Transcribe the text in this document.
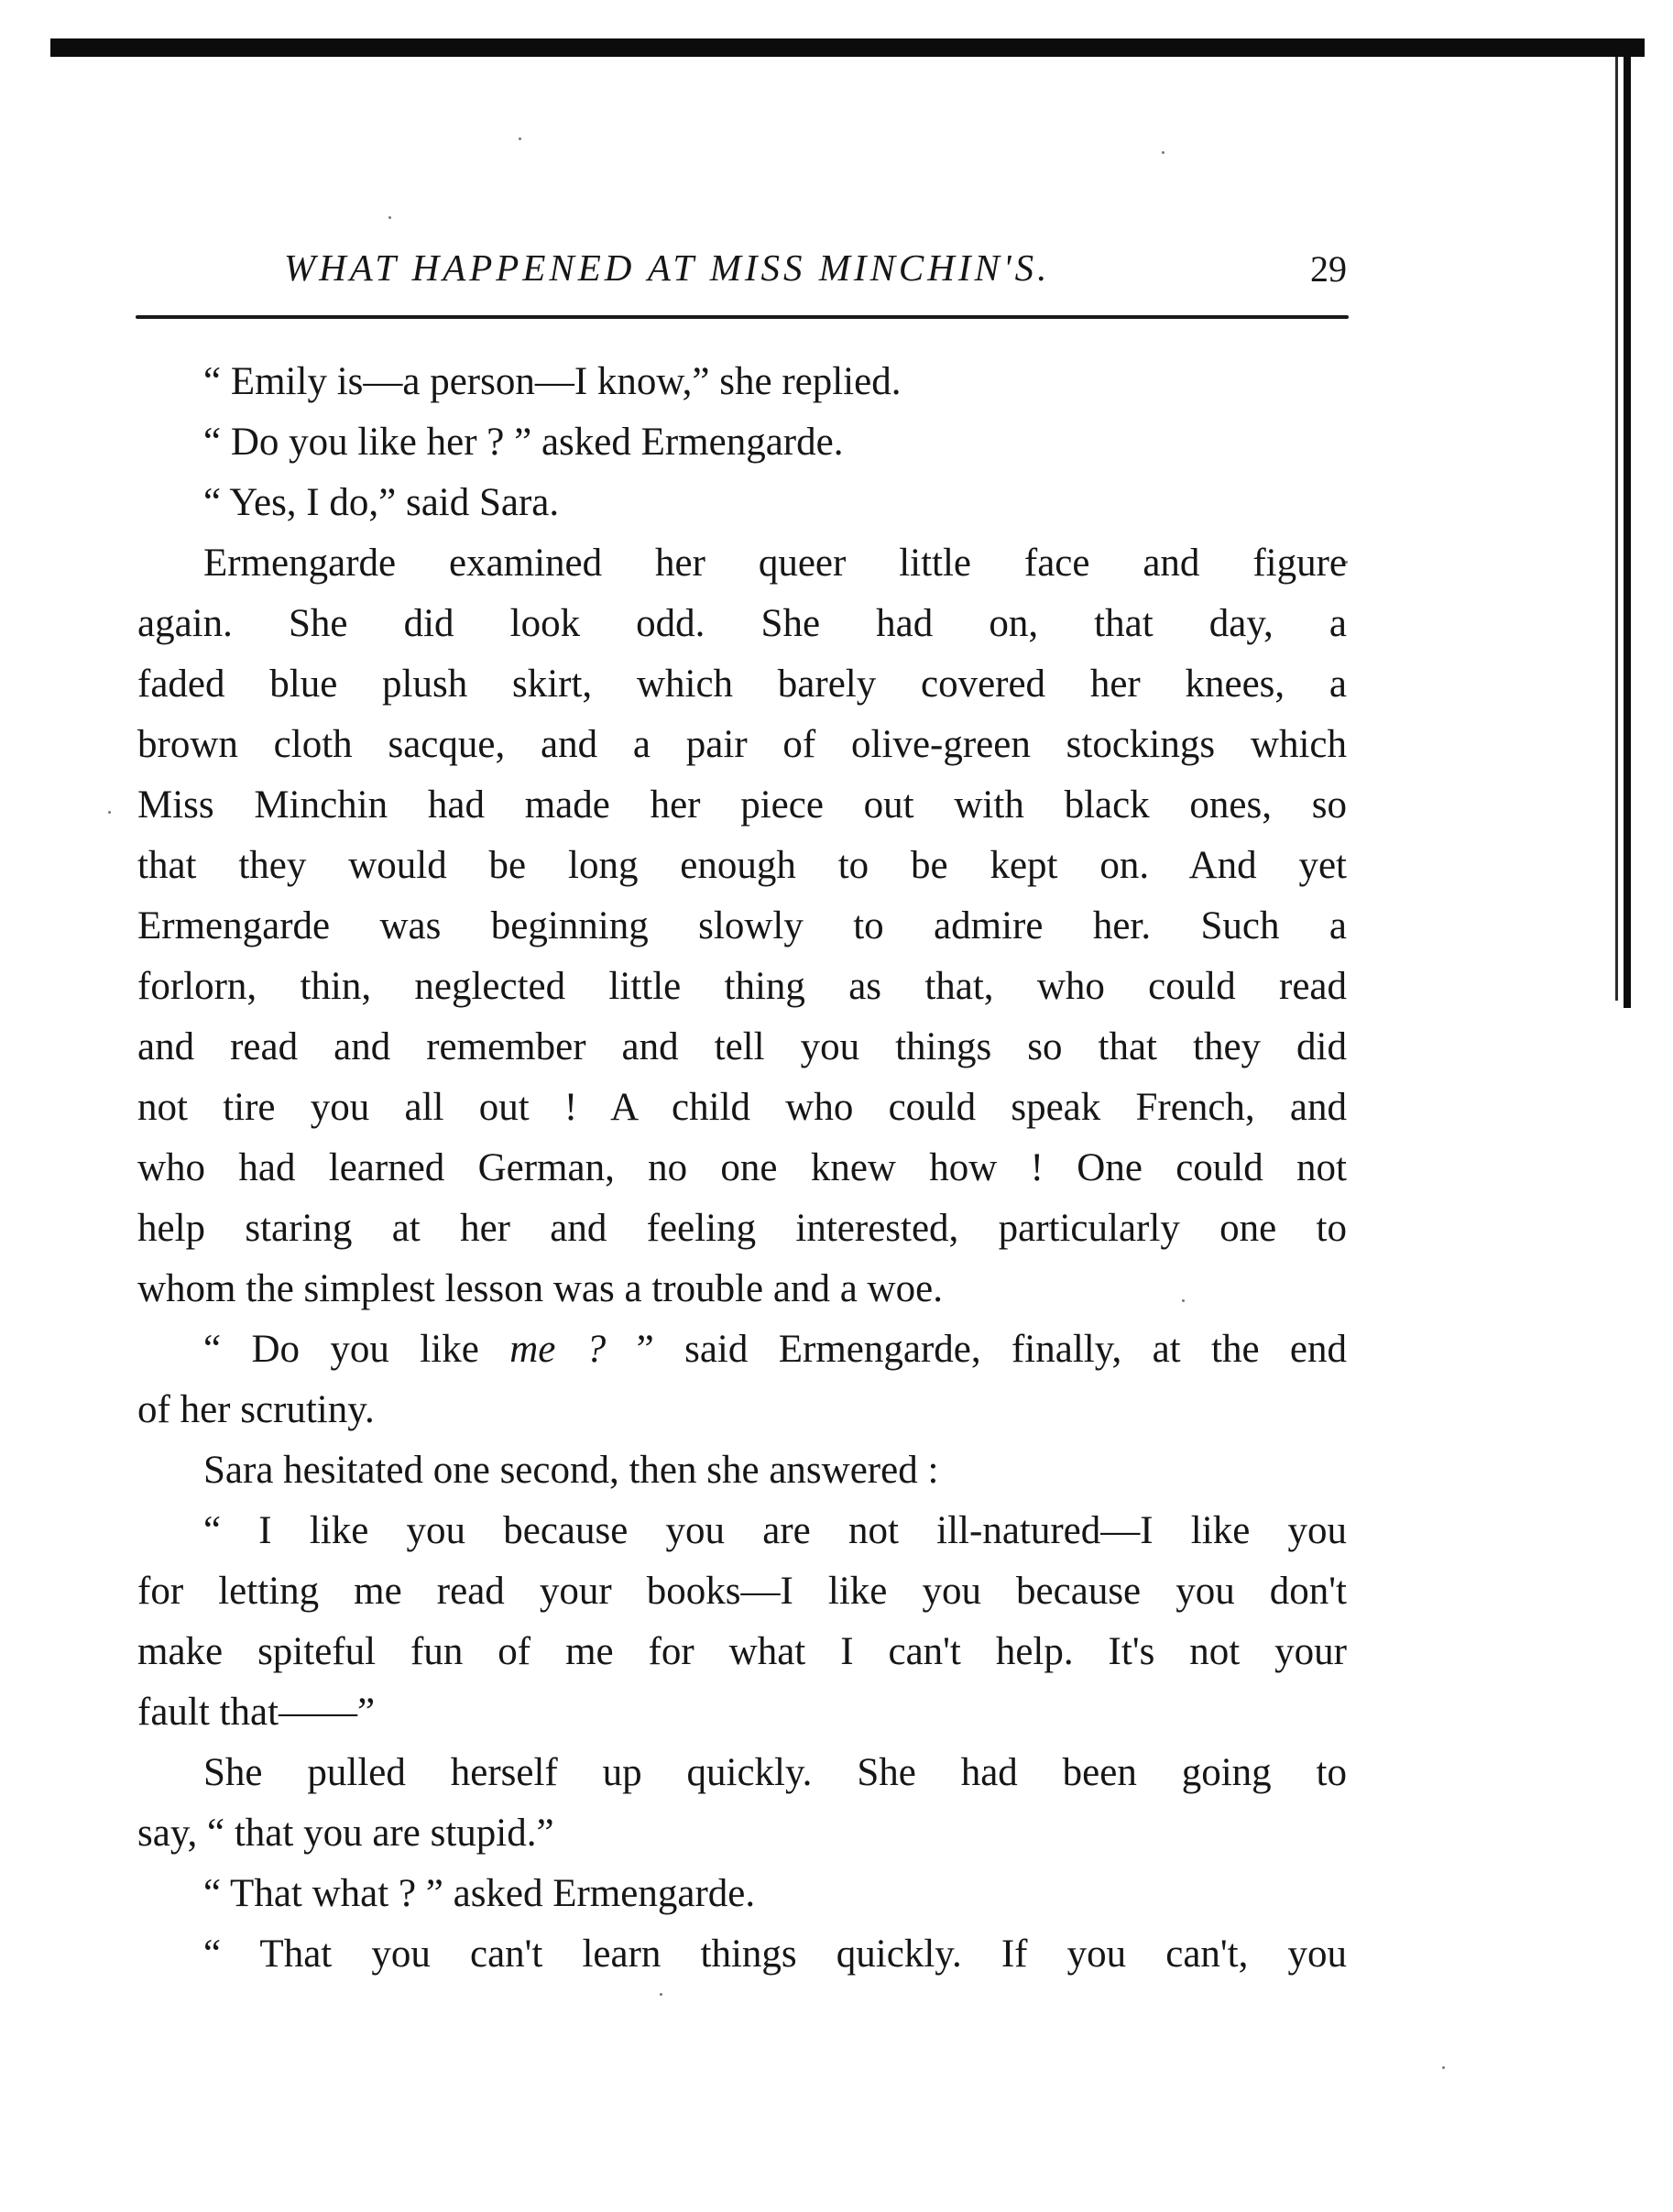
WHAT HAPPENED AT MISS MINCHIN'S.	29
“ Emily is—a person—I know,” she replied.
“ Do you like her ? ” asked Ermengarde.
“ Yes, I do,” said Sara.
Ermengarde examined her queer little face and figure
again. She did look odd. She had on, that day, a
faded blue plush skirt, which barely covered her knees, a
brown cloth sacque, and a pair of olive-green stockings which
Miss Minchin had made her piece out with black ones, so
that they would be long enough to be kept on. And yet
Ermengarde was beginning slowly to admire her. Such a
forlorn, thin, neglected little thing as that, who could read
and read and remember and tell you things so that they did
not tire you all out ! A child who could speak French, and
who had learned German, no one knew how ! One could not
help staring at her and feeling interested, particularly one to
whom the simplest lesson was a trouble and a woe.
“ Do you like me ? ” said Ermengarde, finally, at the end
of her scrutiny.
Sara hesitated one second, then she answered :
“ I like you because you are not ill-natured—I like you
for letting me read your books—I like you because you don't
make spiteful fun of me for what I can't help. It's not your
fault that——”
She pulled herself up quickly. She had been going to
say, “ that you are stupid.”
“ That what ? ” asked Ermengarde.
“ That you can't learn things quickly. If you can't, you
